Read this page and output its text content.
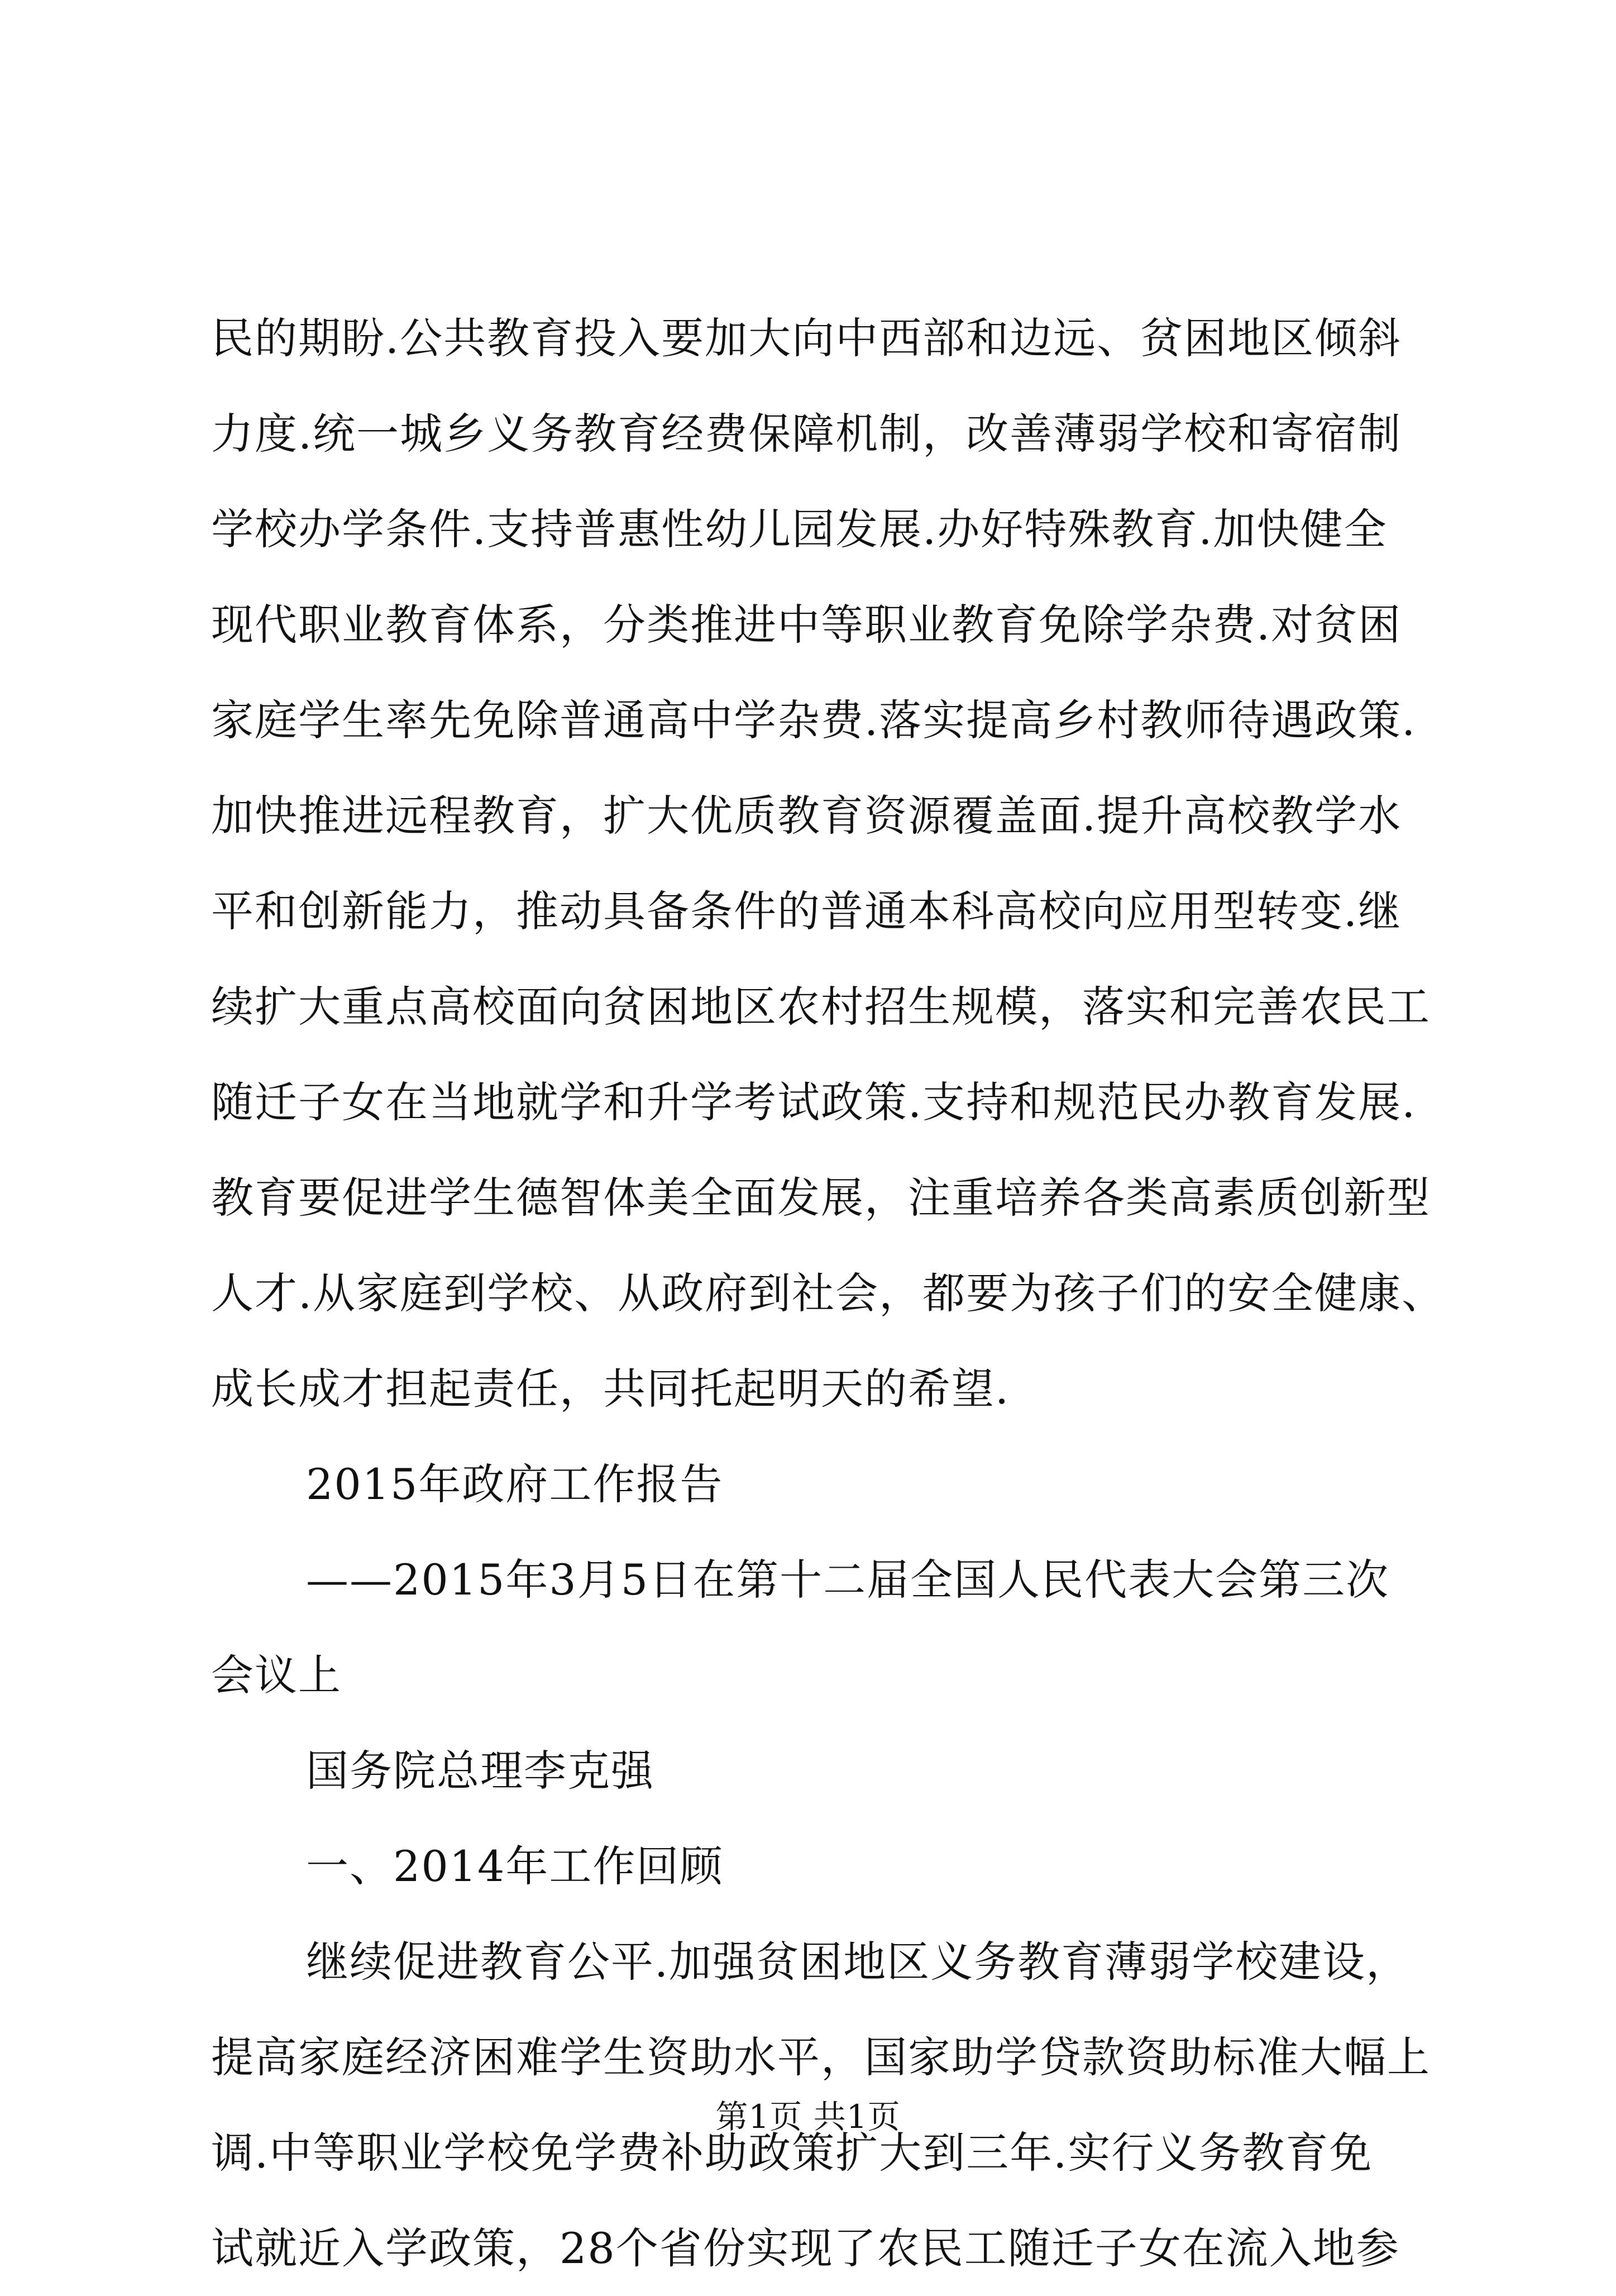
民的期盼.公共教育投入要加大向中西部和边远、贫困地区倾斜
力度.统一城乡义务教育经费保障机制，改善薄弱学校和寄宿制
学校办学条件.支持普惠性幼儿园发展.办好特殊教育.加快健全
现代职业教育体系，分类推进中等职业教育免除学杂费.对贫困
家庭学生率先免除普通高中学杂费.落实提高乡村教师待遇政策.
加快推进远程教育，扩大优质教育资源覆盖面.提升高校教学水
平和创新能力，推动具备条件的普通本科高校向应用型转变.继
续扩大重点高校面向贫困地区农村招生规模，落实和完善农民工
随迁子女在当地就学和升学考试政策.支持和规范民办教育发展.
教育要促进学生德智体美全面发展，注重培养各类高素质创新型
人才.从家庭到学校、从政府到社会，都要为孩子们的安全健康、
成长成才担起责任，共同托起明天的希望.
2015年政府工作报告
——2015年3月5日在第十二届全国人民代表大会第三次
会议上
国务院总理李克强
一、2014年工作回顾
继续促进教育公平.加强贫困地区义务教育薄弱学校建设，
提高家庭经济困难学生资助水平，国家助学贷款资助标准大幅上
调.中等职业学校免学费补助政策扩大到三年.实行义务教育免
试就近入学政策，28个省份实现了农民工随迁子女在流入地参
第1页 共1页
